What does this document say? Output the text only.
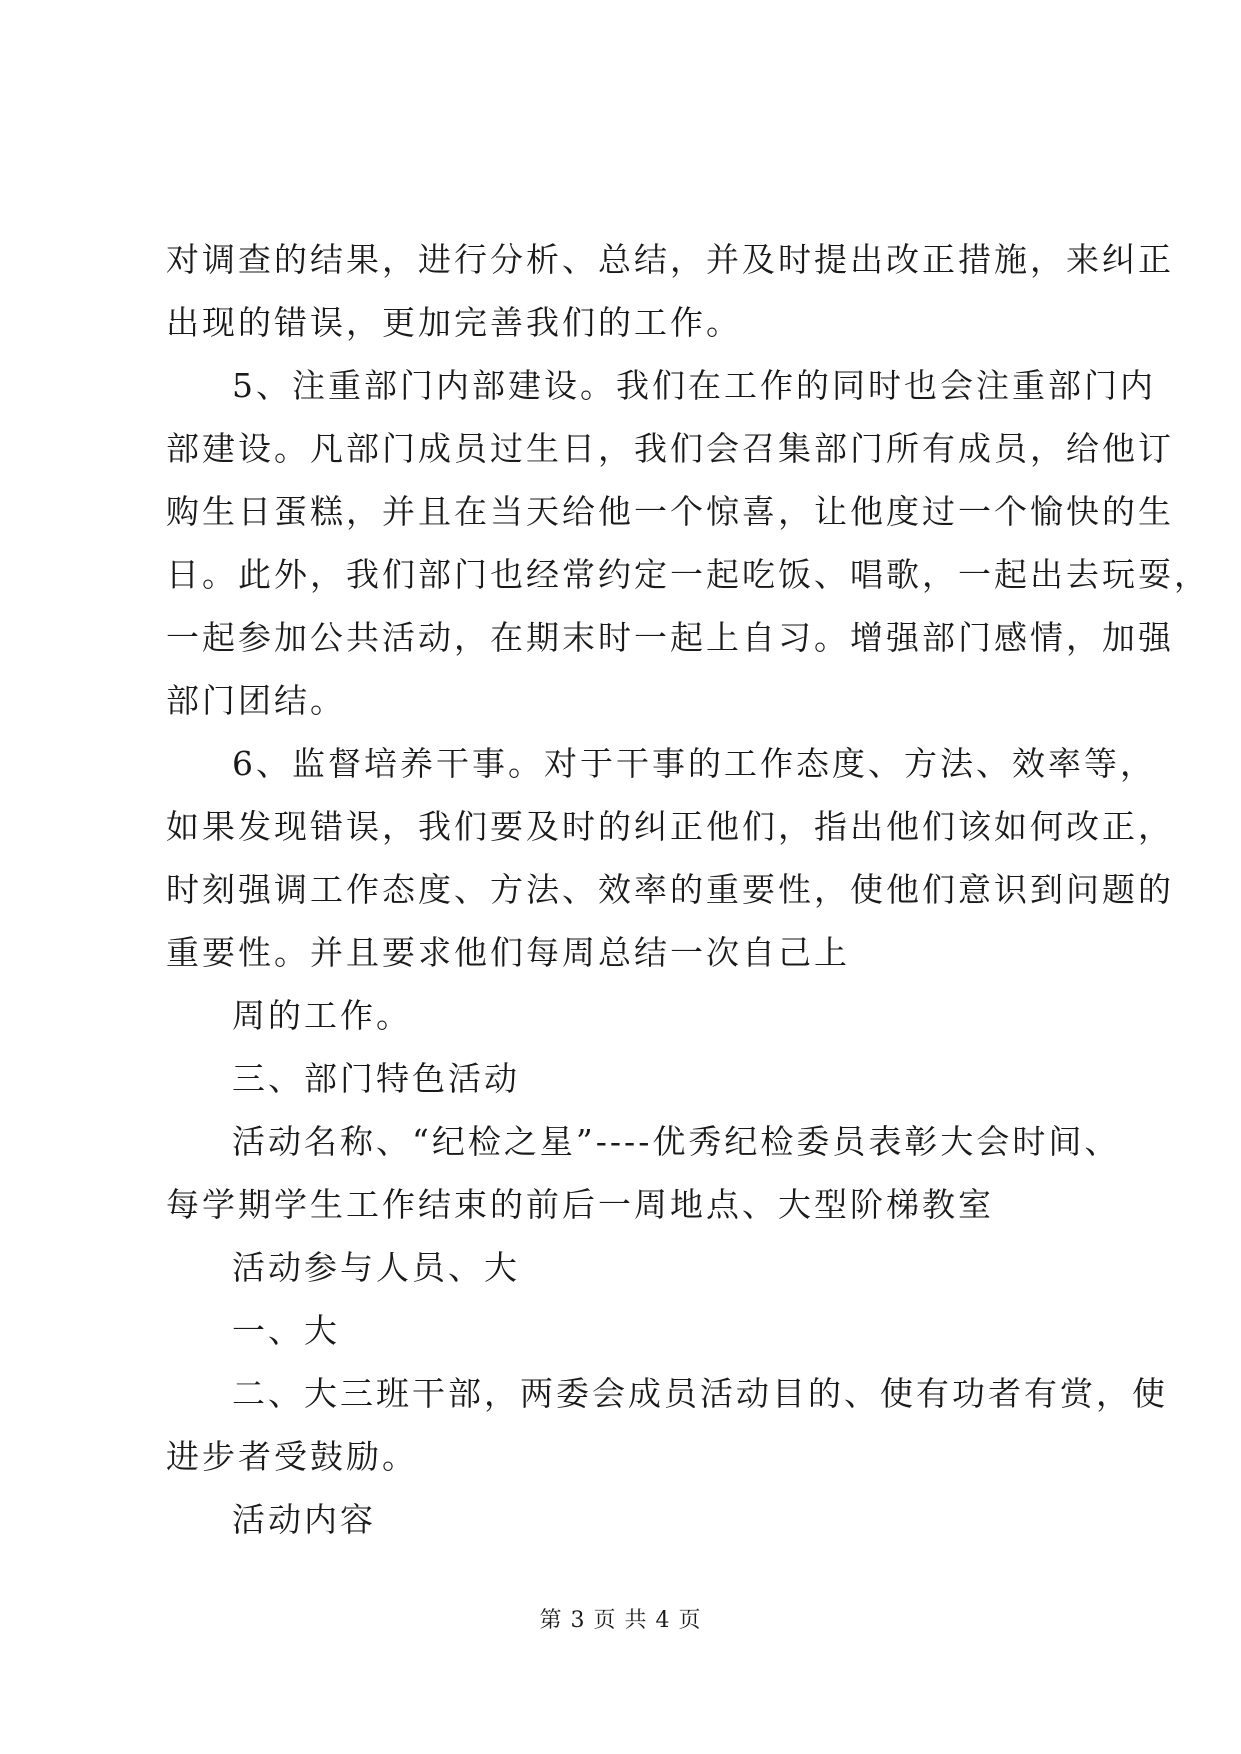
对调查的结果，进行分析、总结，并及时提出改正措施，来纠正
出现的错误，更加完善我们的工作。
5、注重部门内部建设。我们在工作的同时也会注重部门内
部建设。凡部门成员过生日，我们会召集部门所有成员，给他订
购生日蛋糕，并且在当天给他一个惊喜，让他度过一个愉快的生
日。此外，我们部门也经常约定一起吃饭、唱歌，一起出去玩耍，
一起参加公共活动，在期末时一起上自习。增强部门感情，加强
部门团结。
6、监督培养干事。对于干事的工作态度、方法、效率等，
如果发现错误，我们要及时的纠正他们，指出他们该如何改正，
时刻强调工作态度、方法、效率的重要性，使他们意识到问题的
重要性。并且要求他们每周总结一次自己上
周的工作。
三、部门特色活动
活动名称、“纪检之星”----优秀纪检委员表彰大会时间、
每学期学生工作结束的前后一周地点、大型阶梯教室
活动参与人员、大
一、大
二、大三班干部，两委会成员活动目的、使有功者有赏，使
进步者受鼓励。
活动内容
第 3 页 共 4 页
